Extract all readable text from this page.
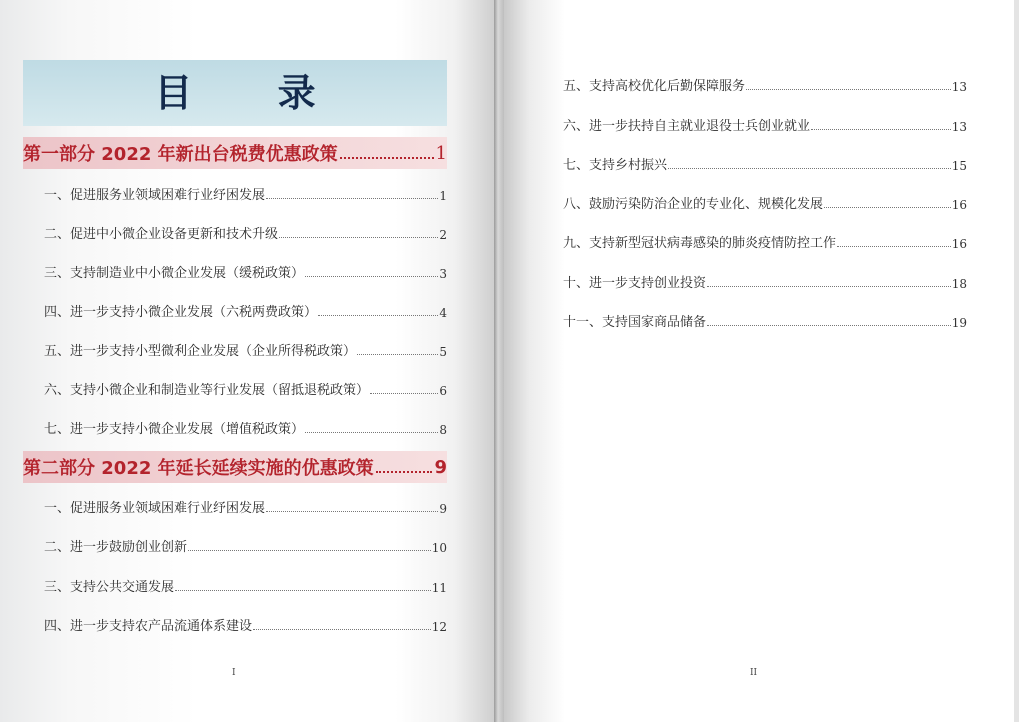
目 录
第一部分 2022 年新出台税费优惠政策	1
一、促进服务业领域困难行业纾困发展	1
二、促进中小微企业设备更新和技术升级	2
三、支持制造业中小微企业发展（缓税政策）	3
四、进一步支持小微企业发展（六税两费政策）	4
五、进一步支持小型微利企业发展（企业所得税政策）	5
六、支持小微企业和制造业等行业发展（留抵退税政策）	6
七、进一步支持小微企业发展（增值税政策）	8
第二部分 2022 年延长延续实施的优惠政策	9
一、促进服务业领域困难行业纾困发展	9
二、进一步鼓励创业创新	10
三、支持公共交通发展	11
四、进一步支持农产品流通体系建设	12
I
五、支持高校优化后勤保障服务	13
六、进一步扶持自主就业退役士兵创业就业	13
七、支持乡村振兴	15
八、鼓励污染防治企业的专业化、规模化发展	16
九、支持新型冠状病毒感染的肺炎疫情防控工作	16
十、进一步支持创业投资	18
十一、支持国家商品储备	19
II
